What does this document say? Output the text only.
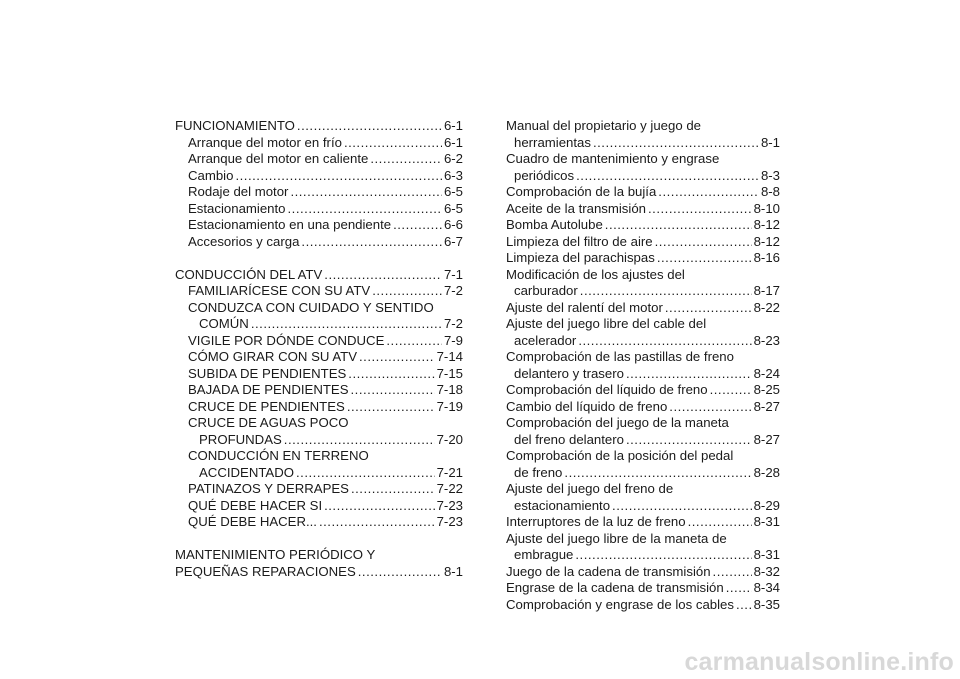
FUNCIONAMIENTO .....	6-1
Arranque del motor en frío .....	6-1
Arranque del motor en caliente .....	6-2
Cambio .....	6-3
Rodaje del motor .....	6-5
Estacionamiento .....	6-5
Estacionamiento en una pendiente .....	6-6
Accesorios y carga .....	6-7
CONDUCCIÓN DEL ATV .....	7-1
FAMILIARÍCESE CON SU ATV .....	7-2
CONDUZCA CON CUIDADO Y SENTIDO
COMÚN .....	7-2
VIGILE POR DÓNDE CONDUCE .....	7-9
CÓMO GIRAR CON SU ATV .....	7-14
SUBIDA DE PENDIENTES .....	7-15
BAJADA DE PENDIENTES .....	7-18
CRUCE DE PENDIENTES .....	7-19
CRUCE DE AGUAS POCO
PROFUNDAS .....	7-20
CONDUCCIÓN EN TERRENO
ACCIDENTADO .....	7-21
PATINAZOS Y DERRAPES .....	7-22
QUÉ DEBE HACER SI .....	7-23
QUÉ DEBE HACER... .....	7-23
MANTENIMIENTO PERIÓDICO Y
PEQUEÑAS REPARACIONES .....	8-1
Manual del propietario y juego de
herramientas .....	8-1
Cuadro de mantenimiento y engrase
periódicos .....	8-3
Comprobación de la bujía .....	8-8
Aceite de la transmisión .....	8-10
Bomba Autolube .....	8-12
Limpieza del filtro de aire .....	8-12
Limpieza del parachispas .....	8-16
Modificación de los ajustes del
carburador .....	8-17
Ajuste del ralentí del motor .....	8-22
Ajuste del juego libre del cable del
acelerador .....	8-23
Comprobación de las pastillas de freno
delantero y trasero .....	8-24
Comprobación del líquido de freno .....	8-25
Cambio del líquido de freno .....	8-27
Comprobación del juego de la maneta
del freno delantero .....	8-27
Comprobación de la posición del pedal
de freno .....	8-28
Ajuste del juego del freno de
estacionamiento .....	8-29
Interruptores de la luz de freno .....	8-31
Ajuste del juego libre de la maneta de
embrague .....	8-31
Juego de la cadena de transmisión .....	8-32
Engrase de la cadena de transmisión ..... 8-34
Comprobación y engrase de los cables ..... 8-35
carmanualsonline.info
